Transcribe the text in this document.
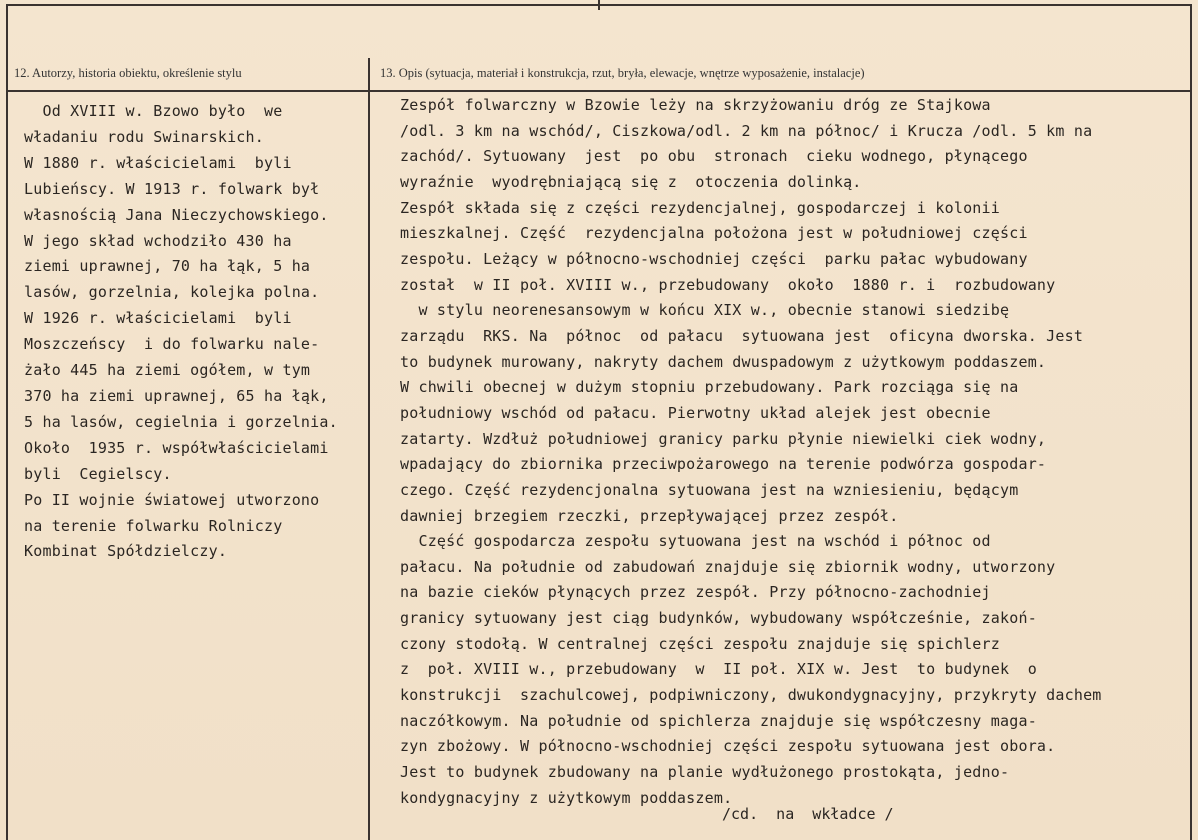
12. Autorzy, historia obiektu, określenie stylu	13. Opis (sytuacja, materiał i konstrukcja, rzut, bryła, elewacje, wnętrze wyposażenie, instalacje)
Od XVIII w. Bzowo było  we
władaniu rodu Swinarskich.
W 1880 r. właścicielami  byli
Lubieńscy. W 1913 r. folwark był
własnością Jana Nieczychowskiego.
W jego skład wchodziło 430 ha
ziemi uprawnej, 70 ha łąk, 5 ha
lasów, gorzelnia, kolejka polna.
W 1926 r. właścicielami  byli
Moszczeńscy  i do folwarku nale-
żało 445 ha ziemi ogółem, w tym
370 ha ziemi uprawnej, 65 ha łąk,
5 ha lasów, cegielnia i gorzelnia.
Około  1935 r. współwłaścicielami
byli  Cegielscy.
Po II wojnie światowej utworzono
na terenie folwarku Rolniczy
Kombinat Spółdzielczy.
Zespół folwarczny w Bzowie leży na skrzyżowaniu dróg ze Stajkowa
/odl. 3 km na wschód/, Ciszkowa/odl. 2 km na północ/ i Krucza /odl. 5 km na
zachód/. Sytuowany  jest  po obu  stronach  cieku wodnego, płynącego
wyraźnie  wyodrębniającą się z  otoczenia dolinką.
Zespół składa się z części rezydencjalnej, gospodarczej i kolonii
mieszkalnej. Część  rezydencjalna położona jest w południowej części
zespołu. Leżący w północno-wschodniej części  parku pałac wybudowany
został  w II poł. XVIII w., przebudowany  około  1880 r. i  rozbudowany
w stylu neorenesansowym w końcu XIX w., obecnie stanowi siedzibę
zarządu  RKS. Na  północ  od pałacu  sytuowana jest  oficyna dworska. Jest
to budynek murowany, nakryty dachem dwuspadowym z użytkowym poddaszem.
W chwili obecnej w dużym stopniu przebudowany. Park rozciąga się na
południowy wschód od pałacu. Pierwotny układ alejek jest obecnie
zatarty. Wzdłuż południowej granicy parku płynie niewielki ciek wodny,
wpadający do zbiornika przeciwpożarowego na terenie podwórza gospodar-
czego. Część rezydencjonalna sytuowana jest na wzniesieniu, będącym
dawniej brzegiem rzeczki, przepływającej przez zespół.
Część gospodarcza zespołu sytuowana jest na wschód i północ od
pałacu. Na południe od zabudowań znajduje się zbiornik wodny, utworzony
na bazie cieków płynących przez zespół. Przy północno-zachodniej
granicy sytuowany jest ciąg budynków, wybudowany współcześnie, zakoń-
czony stodołą. W centralnej części zespołu znajduje się spichlerz
z  poł. XVIII w., przebudowany  w  II poł. XIX w. Jest  to budynek  o
konstrukcji  szachulcowej, podpiwniczony, dwukondygnacyjny, przykryty dachem
naczółkowym. Na południe od spichlerza znajduje się współczesny maga-
zyn zbożowy. W północno-wschodniej części zespołu sytuowana jest obora.
Jest to budynek zbudowany na planie wydłużonego prostokąta, jedno-
kondygnacyjny z użytkowym poddaszem.
/cd.  na  wkładce /
